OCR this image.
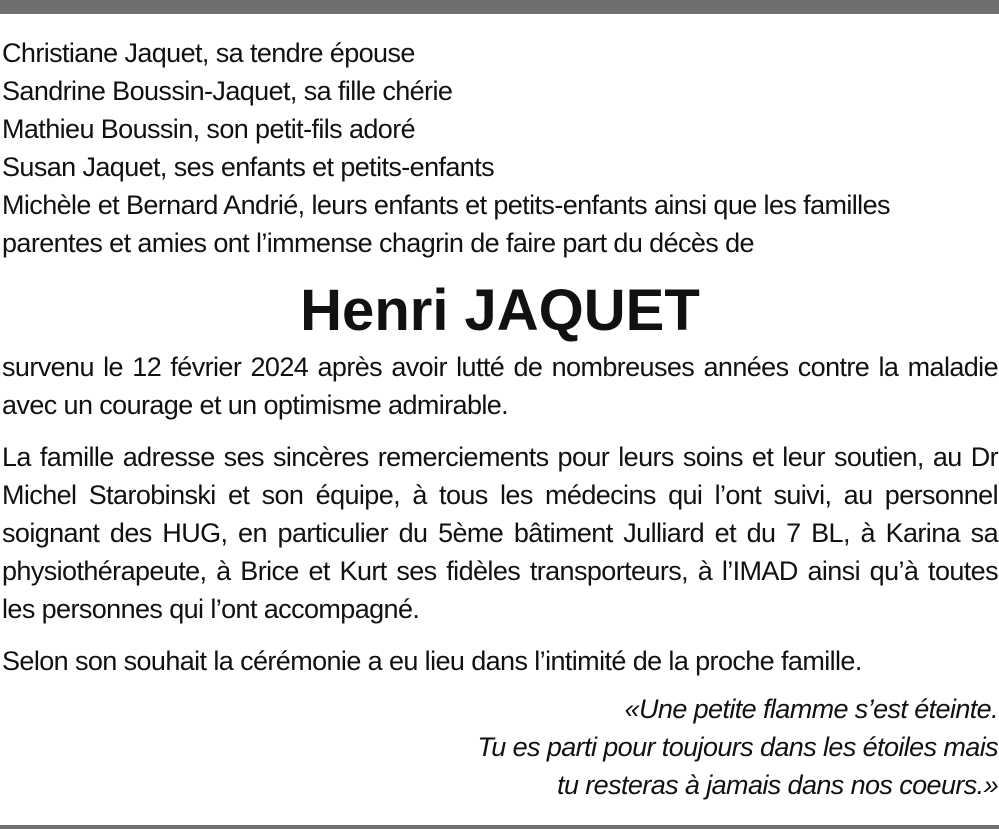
Christiane Jaquet, sa tendre épouse

Sandrine Boussin-Jaquet, sa fille chérie

Mathieu Boussin, son petit-fils adoré

Susan Jaquet, ses enfants et petits-enfants

Michèle et Bernard Andrié, leurs enfants et petits-enfants ainsi que les familles

parentes et amies ont l’immense chagrin de faire part du décès de

Henri JAQUET

survenu le 12 février 2024 après avoir lutté de nombreuses années contre la maladie avec un courage et un optimisme admirable.

La famille adresse ses sincères remerciements pour leurs soins et leur soutien, au Dr Michel Starobinski et son équipe, à tous les médecins qui l’ont suivi, au personnel soignant des HUG, en particulier du 5ème bâtiment Julliard et du 7 BL, à Karina sa physiothérapeute, à Brice et Kurt ses fidèles transporteurs, à l’IMAD ainsi qu’à toutes les personnes qui l’ont accompagné.

Selon son souhait la cérémonie a eu lieu dans l’intimité de la proche famille.

«Une petite flamme s’est éteinte.
Tu es parti pour toujours dans les étoiles mais
tu resteras à jamais dans nos coeurs.»
